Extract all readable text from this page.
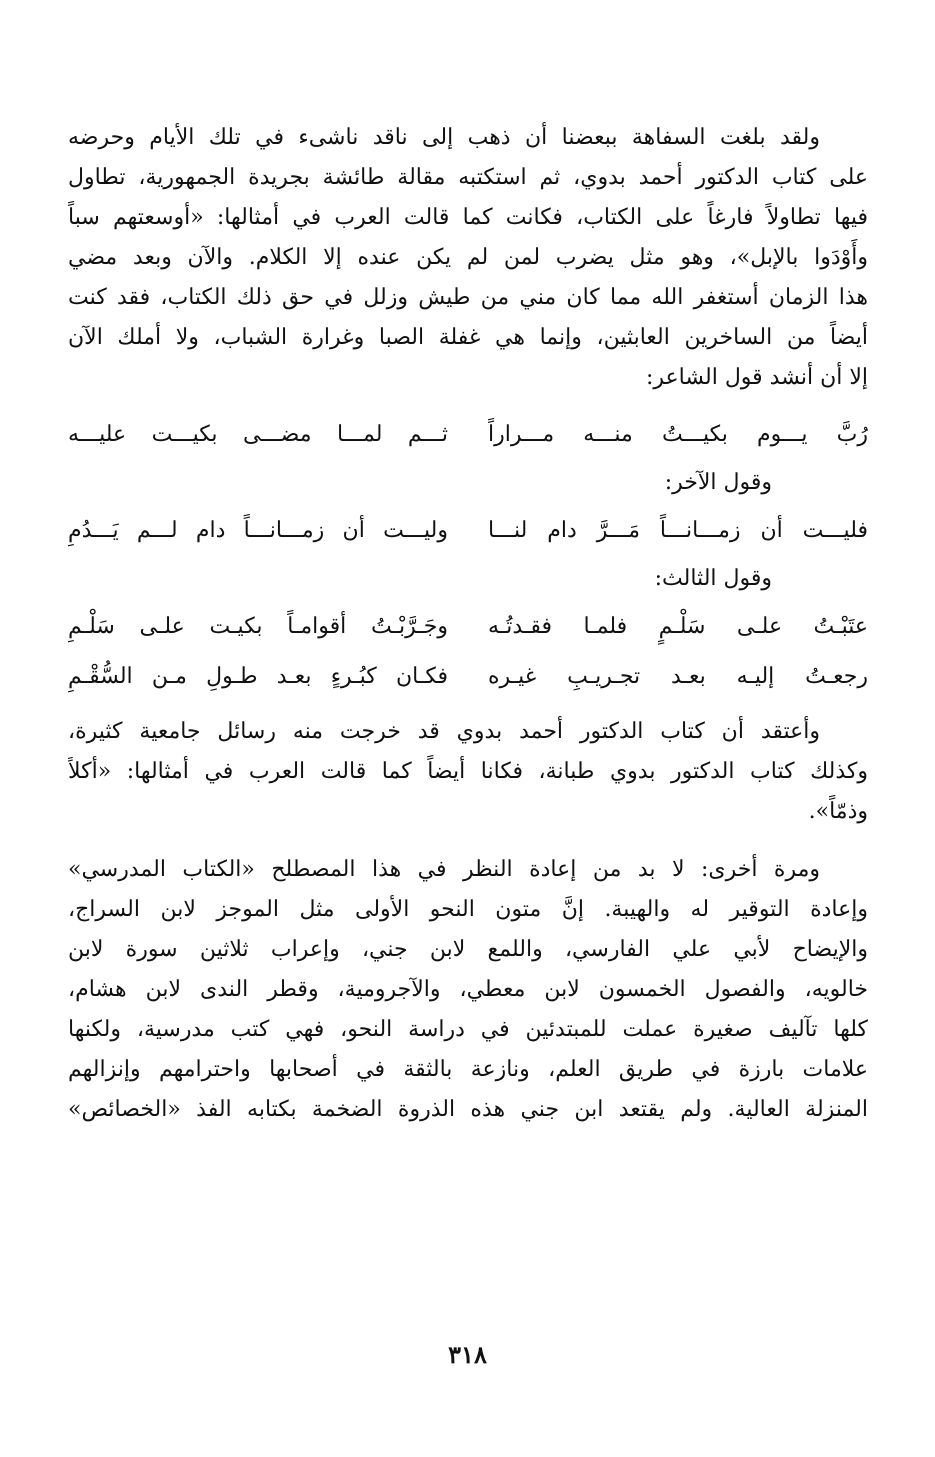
ولقد بلغت السفاهة ببعضنا أن ذهب إلى ناقد ناشىء في تلك الأيام وحرضه
على كتاب الدكتور أحمد بدوي، ثم استكتبه مقالة طائشة بجريدة الجمهورية، تطاول
فيها تطاولاً فارغاً على الكتاب، فكانت كما قالت العرب في أمثالها: «أوسعتهم سباً
وأَوْدَوا بالإبل»، وهو مثل يضرب لمن لم يكن عنده إلا الكلام. والآن وبعد مضي
هذا الزمان أستغفر الله مما كان مني من طيش وزلل في حق ذلك الكتاب، فقد كنت
أيضاً من الساخرين العابثين، وإنما هي غفلة الصبا وغرارة الشباب، ولا أملك الآن
إلا أن أنشد قول الشاعر:
رُبَّ يـــوم بكيـــتُ منـــه مـــراراً
ثـــم لمـــا مضـــى بكيـــت عليـــه
وقول الآخر:
فليـــت أن زمـــانـــاً مَـــرَّ دام لنـــا
وليـــت أن زمـــانـــاً دام لـــم يَـــدُمِ
وقول الثالث:
عتَبْـتُ علـى سَلْـمٍ فلمـا فقـدتُـه
وجَـرَّبْـتُ أقوامـاً بكيـت علـى سَلْـمِ
رجعـتُ إليـه بعـد تجـريـبِ غيـره
فكـان كبُـرءٍ بعـد طـولِ مـن السُّقْـمِ
وأعتقد أن كتاب الدكتور أحمد بدوي قد خرجت منه رسائل جامعية كثيرة،
وكذلك كتاب الدكتور بدوي طبانة، فكانا أيضاً كما قالت العرب في أمثالها: «أكلاً
وذمّاً».
ومرة أخرى: لا بد من إعادة النظر في هذا المصطلح «الكتاب المدرسي»
وإعادة التوقير له والهيبة. إنَّ متون النحو الأولى مثل الموجز لابن السراج،
والإيضاح لأبي علي الفارسي، واللمع لابن جني، وإعراب ثلاثين سورة لابن
خالويه، والفصول الخمسون لابن معطي، والآجرومية، وقطر الندى لابن هشام،
كلها تآليف صغيرة عملت للمبتدئين في دراسة النحو، فهي كتب مدرسية، ولكنها
علامات بارزة في طريق العلم، ونازعة بالثقة في أصحابها واحترامهم وإنزالهم
المنزلة العالية. ولم يقتعد ابن جني هذه الذروة الضخمة بكتابه الفذ «الخصائص»
٣١٨
